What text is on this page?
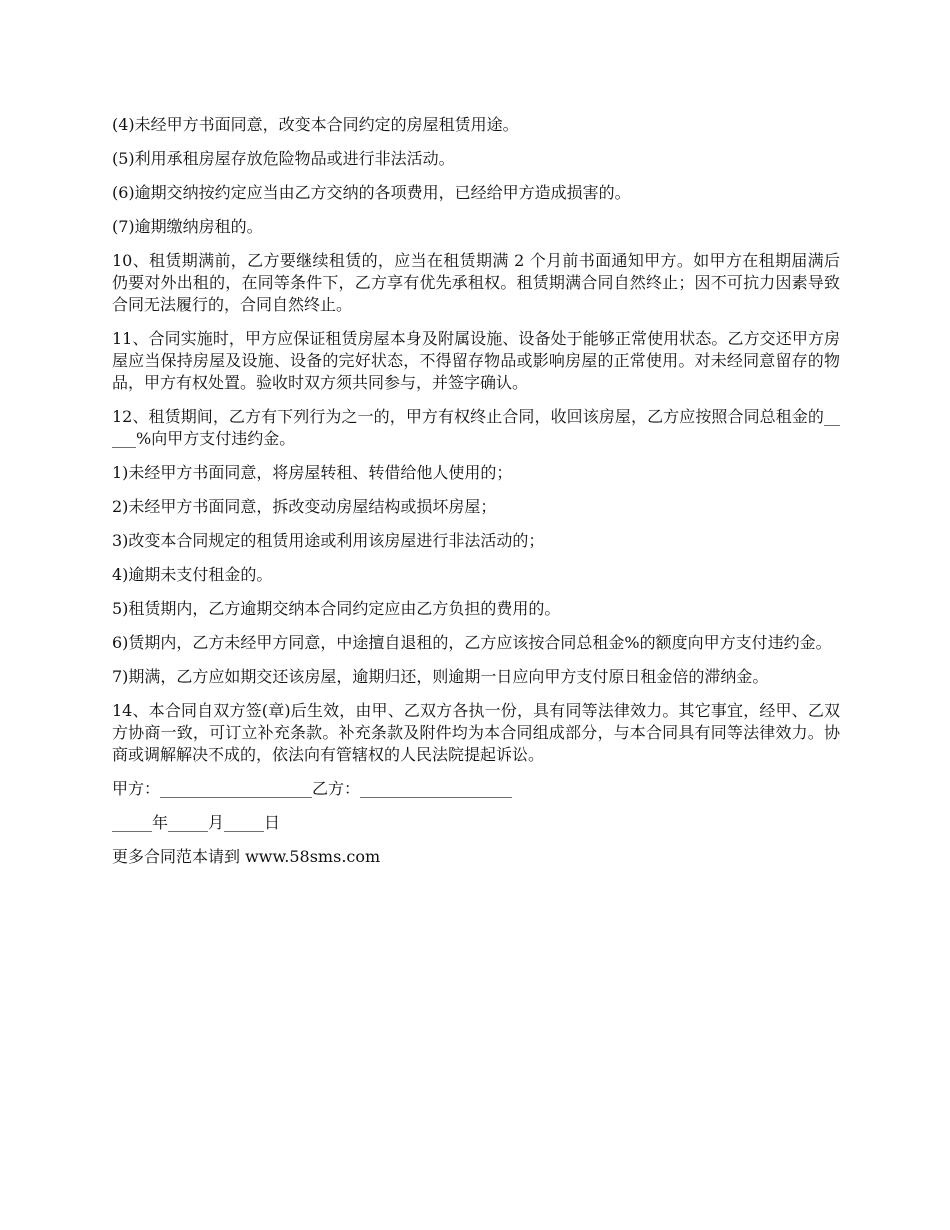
(4)未经甲方书面同意，改变本合同约定的房屋租赁用途。

(5)利用承租房屋存放危险物品或进行非法活动。

(6)逾期交纳按约定应当由乙方交纳的各项费用，已经给甲方造成损害的。

(7)逾期缴纳房租的。

10、租赁期满前，乙方要继续租赁的，应当在租赁期满 2 个月前书面通知甲方。如甲方在租期届满后仍要对外出租的，在同等条件下，乙方享有优先承租权。租赁期满合同自然终止；因不可抗力因素导致合同无法履行的，合同自然终止。

11、合同实施时，甲方应保证租赁房屋本身及附属设施、设备处于能够正常使用状态。乙方交还甲方房屋应当保持房屋及设施、设备的完好状态，不得留存物品或影响房屋的正常使用。对未经同意留存的物品，甲方有权处置。验收时双方须共同参与，并签字确认。

12、租赁期间，乙方有下列行为之一的，甲方有权终止合同，收回该房屋，乙方应按照合同总租金的_____%向甲方支付违约金。

1)未经甲方书面同意，将房屋转租、转借给他人使用的；

2)未经甲方书面同意，拆改变动房屋结构或损坏房屋；

3)改变本合同规定的租赁用途或利用该房屋进行非法活动的；

4)逾期未支付租金的。

5)租赁期内，乙方逾期交纳本合同约定应由乙方负担的费用的。

6)赁期内，乙方未经甲方同意，中途擅自退租的，乙方应该按合同总租金%的额度向甲方支付违约金。

7)期满，乙方应如期交还该房屋，逾期归还，则逾期一日应向甲方支付原日租金倍的滞纳金。

14、本合同自双方签(章)后生效，由甲、乙双方各执一份，具有同等法律效力。其它事宜，经甲、乙双方协商一致，可订立补充条款。补充条款及附件均为本合同组成部分，与本合同具有同等法律效力。协商或调解解决不成的，依法向有管辖权的人民法院提起诉讼。

甲方：___________________乙方：___________________

_____年_____月_____日

更多合同范本请到 www.58sms.com
